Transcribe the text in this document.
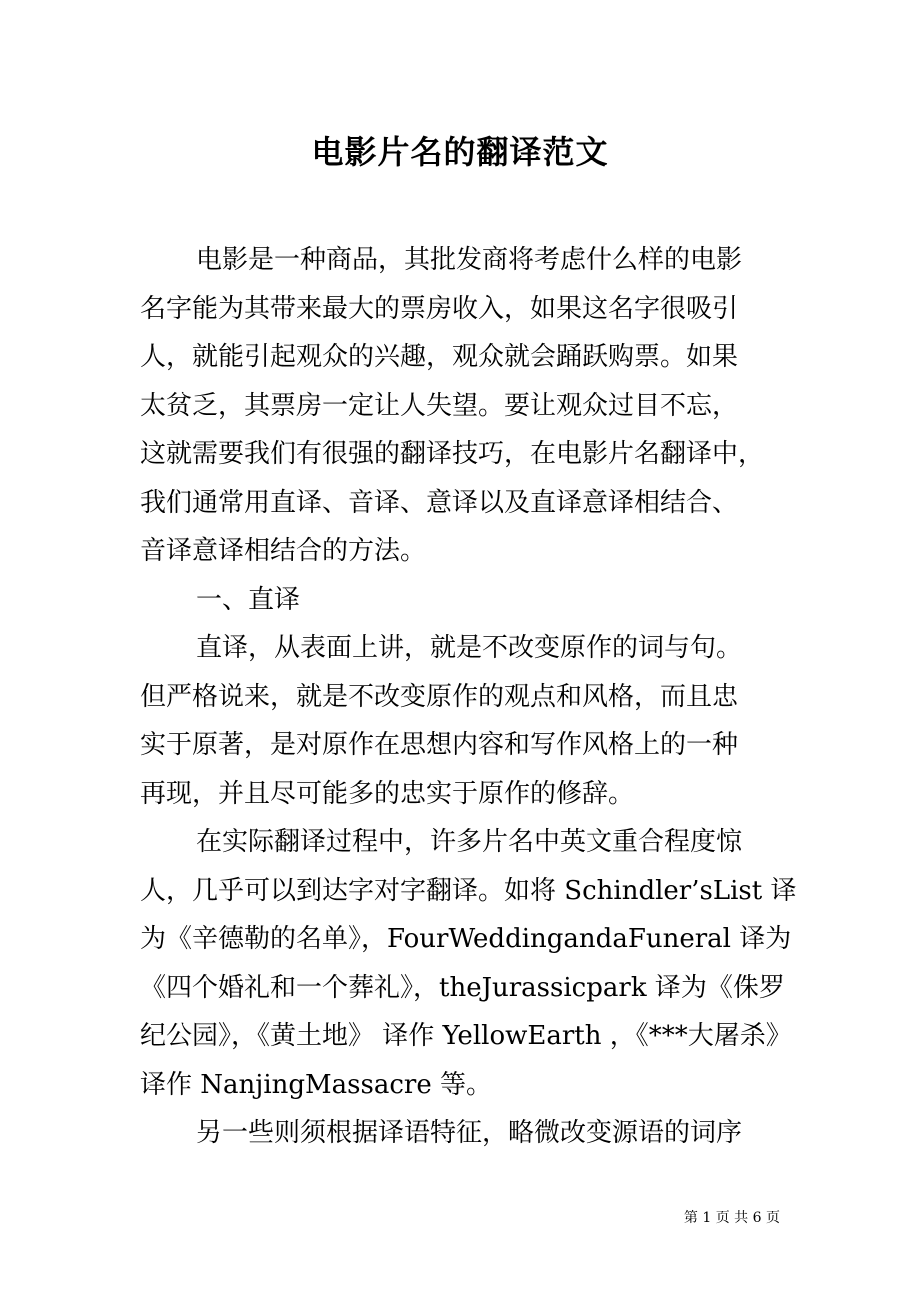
电影片名的翻译范文
电影是一种商品，其批发商将考虑什么样的电影
名字能为其带来最大的票房收入，如果这名字很吸引
人，就能引起观众的兴趣，观众就会踊跃购票。如果
太贫乏，其票房一定让人失望。要让观众过目不忘，
这就需要我们有很强的翻译技巧，在电影片名翻译中，
我们通常用直译、音译、意译以及直译意译相结合、
音译意译相结合的方法。
一、直译
直译，从表面上讲，就是不改变原作的词与句。
但严格说来，就是不改变原作的观点和风格，而且忠
实于原著，是对原作在思想内容和写作风格上的一种
再现，并且尽可能多的忠实于原作的修辞。
在实际翻译过程中，许多片名中英文重合程度惊
人，几乎可以到达字对字翻译。如将 Schindler’sList 译
为《辛德勒的名单》，FourWeddingandaFuneral 译为
《四个婚礼和一个葬礼》，theJurassicpark 译为《侏罗
纪公园》，《黄土地》 译作 YellowEarth ，《***大屠杀》
译作 NanjingMassacre 等。
另一些则须根据译语特征，略微改变源语的词序
第 1 页 共 6 页
